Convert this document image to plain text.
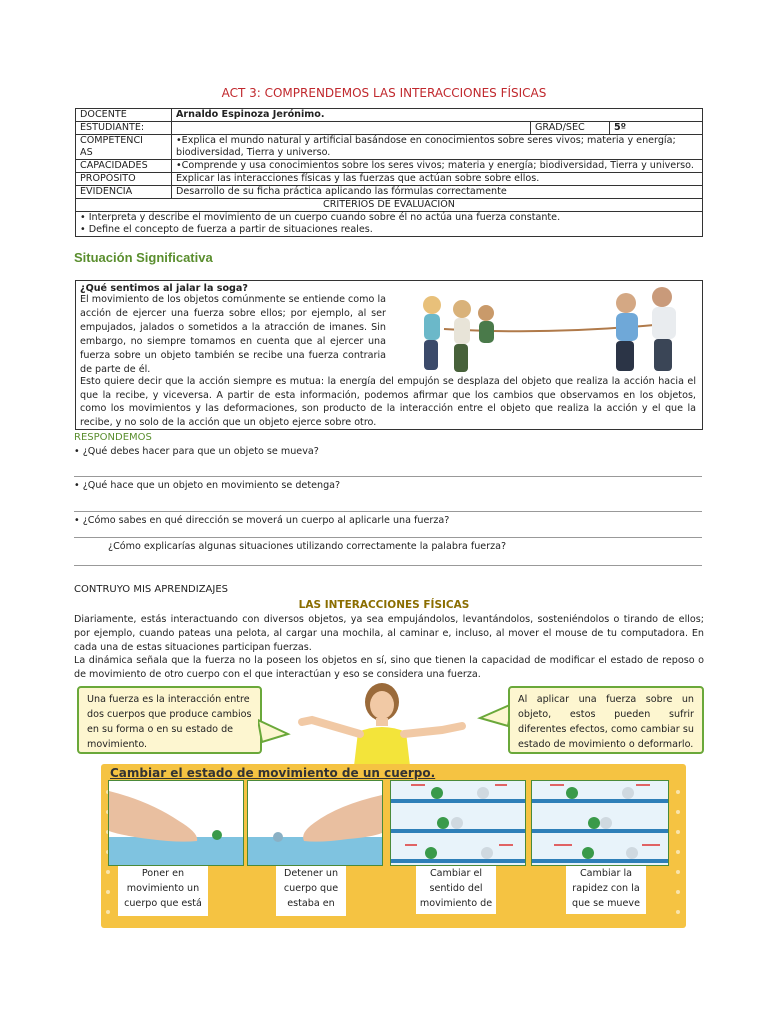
ACT 3: COMPRENDEMOS LAS INTERACCIONES FÍSICAS
DOCENTE	Arnaldo Espinoza Jerónimo.		
ESTUDIANTE:		GRAD/SEC	5º
COMPETENCI
AS	•Explica el mundo natural y artificial basándose en conocimientos sobre seres vivos; materia y energía; biodiversidad, Tierra y universo.		
CAPACIDADES	•Comprende y usa conocimientos sobre los seres vivos; materia y energía; biodiversidad, Tierra y universo.		
PROPÓSITO	Explicar las interacciones físicas y las fuerzas que actúan sobre sobre ellos.		
EVIDENCIA	Desarrollo de su ficha práctica aplicando las fórmulas correctamente		
CRITERIOS DE EVALUACIÓN			

• Interpreta y describe el movimiento de un cuerpo cuando sobre él no actúa una fuerza constante.
• Define el concepto de fuerza a partir de situaciones reales.			
Situación Significativa
¿Qué sentimos al jalar la soga?
El movimiento de los objetos comúnmente se entiende como la acción de ejercer una fuerza sobre ellos; por ejemplo, al ser empujados, jalados o sometidos a la atracción de imanes. Sin embargo, no siempre tomamos en cuenta que al ejercer una fuerza sobre un objeto también se recibe una fuerza contraria de parte de él.
Esto quiere decir que la acción siempre es mutua: la energía del empujón se desplaza del objeto que realiza la acción hacia el que la recibe, y viceversa. A partir de esta información, podemos afirmar que los cambios que observamos en los objetos, como los movimientos y las deformaciones, son producto de la interacción entre el objeto que realiza la acción y el que la recibe, y no solo de la acción que un objeto ejerce sobre otro.
RESPONDEMOS
• ¿Qué debes hacer para que un objeto se mueva?
• ¿Qué hace que un objeto en movimiento se detenga?
• ¿Cómo sabes en qué dirección se moverá un cuerpo al aplicarle una fuerza?
¿Cómo explicarías algunas situaciones utilizando correctamente la palabra fuerza?
CONTRUYO MIS APRENDIZAJES
LAS INTERACCIONES FÍSICAS
Diariamente, estás interactuando con diversos objetos, ya sea empujándolos, levantándolos, sosteniéndolos o tirando de ellos; por ejemplo, cuando pateas una pelota, al cargar una mochila, al caminar e, incluso, al mover el mouse de tu computadora. En cada una de estas situaciones participan fuerzas.
La dinámica señala que la fuerza no la poseen los objetos en sí, sino que tienen la capacidad de modificar el estado de reposo o de movimiento de otro cuerpo con el que interactúan y eso se considera una fuerza.
Una fuerza es la interacción entre dos cuerpos que produce cambios en su forma o en su estado de movimiento.
Al aplicar una fuerza sobre un objeto, estos pueden sufrir diferentes efectos, como cambiar su estado de movimiento o deformarlo.
Cambiar el estado de movimiento de un cuerpo.
Poner en movimiento un cuerpo que está
Detener un cuerpo que estaba en
Cambiar el sentido del movimiento de
Cambiar la rapidez con la que se mueve
